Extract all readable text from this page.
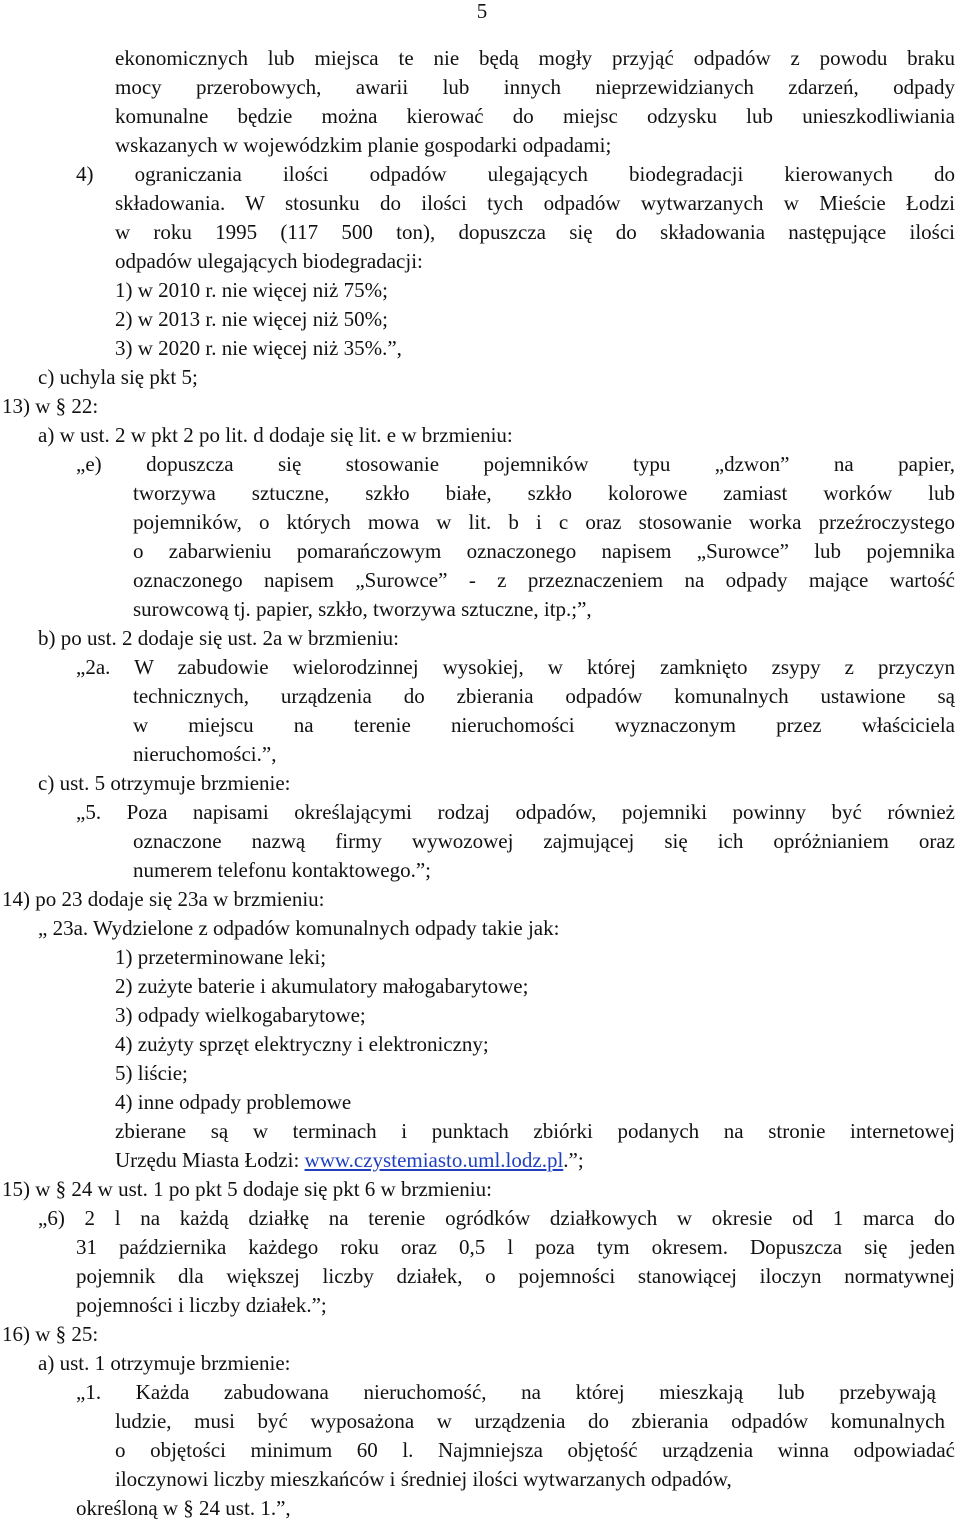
5
ekonomicznych lub miejsca te nie będą mogły przyjąć odpadów z powodu braku
mocy przerobowych, awarii lub innych nieprzewidzianych zdarzeń, odpady
komunalne będzie można kierować do miejsc odzysku lub unieszkodliwiania
wskazanych w wojewódzkim planie gospodarki odpadami;
4) ograniczania ilości odpadów ulegających biodegradacji kierowanych do
składowania. W stosunku do ilości tych odpadów wytwarzanych w Mieście Łodzi
w roku 1995 (117 500 ton), dopuszcza się do składowania następujące ilości
odpadów ulegających biodegradacji:
1) w 2010 r. nie więcej niż 75%;
2) w 2013 r. nie więcej niż 50%;
3) w 2020 r. nie więcej niż 35%.”,
c) uchyla się pkt 5;
13) w § 22:
a) w ust. 2 w pkt 2 po lit. d dodaje się lit. e w brzmieniu:
„e) dopuszcza się stosowanie pojemników typu „dzwon” na papier,
tworzywa sztuczne, szkło białe, szkło kolorowe zamiast worków lub
pojemników, o których mowa w lit. b i c oraz stosowanie worka przeźroczystego
o zabarwieniu pomarańczowym oznaczonego napisem „Surowce” lub pojemnika
oznaczonego napisem „Surowce” - z przeznaczeniem na odpady mające wartość
surowcową tj. papier, szkło, tworzywa sztuczne, itp.;”,
b) po ust. 2 dodaje się ust. 2a w brzmieniu:
„2a. W zabudowie wielorodzinnej wysokiej, w której zamknięto zsypy z przyczyn
technicznych, urządzenia do zbierania odpadów komunalnych ustawione są
w miejscu na terenie nieruchomości wyznaczonym przez właściciela
nieruchomości.”,
c) ust. 5 otrzymuje brzmienie:
„5. Poza napisami określającymi rodzaj odpadów, pojemniki powinny być również
oznaczone nazwą firmy wywozowej zajmującej się ich opróżnianiem oraz
numerem telefonu kontaktowego.”;
14) po 23 dodaje się 23a w brzmieniu:
„ 23a. Wydzielone z odpadów komunalnych odpady takie jak:
1) przeterminowane leki;
2) zużyte baterie i akumulatory małogabarytowe;
3) odpady wielkogabarytowe;
4) zużyty sprzęt elektryczny i elektroniczny;
5) liście;
4) inne odpady problemowe
zbierane są w terminach i punktach zbiórki podanych na stronie internetowej
Urzędu Miasta Łodzi: www.czystemiasto.uml.lodz.pl.”;
15) w § 24 w ust. 1 po pkt 5 dodaje się pkt 6 w brzmieniu:
„6) 2 l na każdą działkę na terenie ogródków działkowych w okresie od 1 marca do
31 października każdego roku oraz 0,5 l poza tym okresem. Dopuszcza się jeden
pojemnik dla większej liczby działek, o pojemności stanowiącej iloczyn normatywnej
pojemności i liczby działek.”;
16) w § 25:
a) ust. 1 otrzymuje brzmienie:
„1. Każda zabudowana nieruchomość, na której mieszkają lub przebywają
ludzie, musi być wyposażona w urządzenia do zbierania odpadów komunalnych
o objętości minimum 60 l. Najmniejsza objętość urządzenia winna odpowiadać
iloczynowi liczby mieszkańców i średniej ilości wytwarzanych odpadów,
określoną w § 24 ust. 1.”,
